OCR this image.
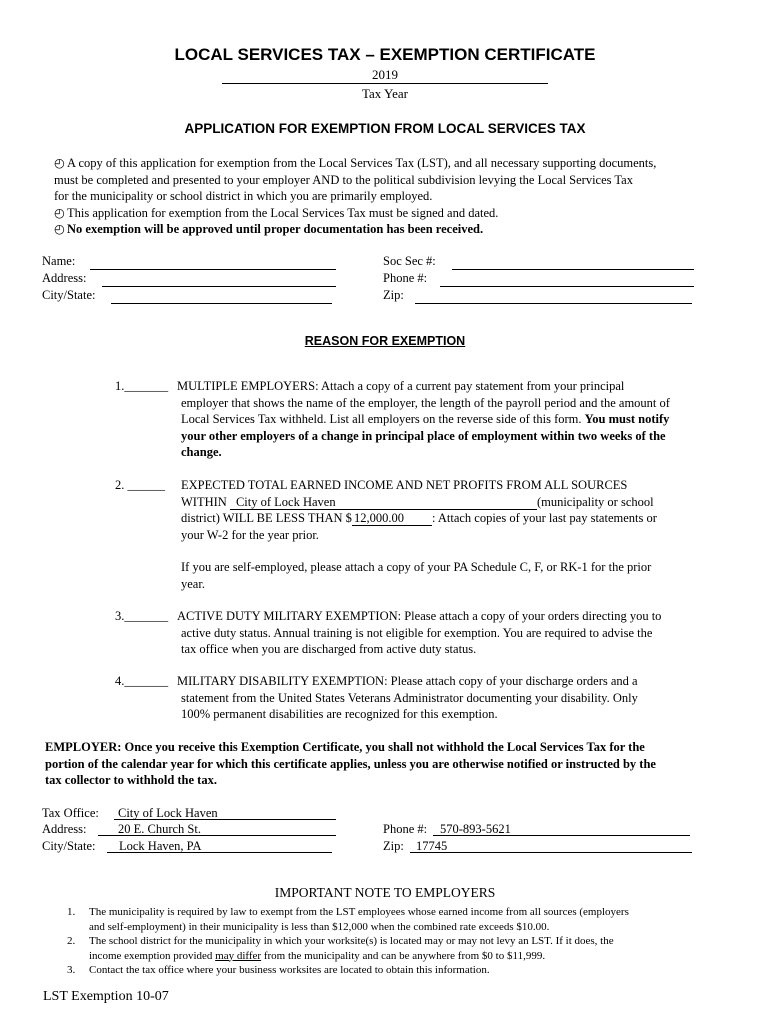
LOCAL SERVICES TAX – EXEMPTION CERTIFICATE
2019
Tax Year
APPLICATION FOR EXEMPTION FROM LOCAL SERVICES TAX

◴ A copy of this application for exemption from the Local Services Tax (LST), and all necessary supporting documents,

must be completed and presented to your employer AND to the political subdivision levying the Local Services Tax

for the municipality or school district in which you are primarily employed.

◴ This application for exemption from the Local Services Tax must be signed and dated.

◴ No exemption will be approved until proper documentation has been received.

Name:
Address:
City/State:
Soc Sec #:
Phone #:
Zip:
REASON FOR EXEMPTION
1._______ MULTIPLE EMPLOYERS: Attach a copy of a current pay statement from your principal
employer that shows the name of the employer, the length of the payroll period and the amount of
Local Services Tax withheld. List all employers on the reverse side of this form. You must notify
your other employers of a change in principal place of employment within two weeks of the
change.
2. ______ EXPECTED TOTAL EARNED INCOME AND NET PROFITS FROM ALL SOURCES
WITHIN City of Lock Haven	(municipality or school
district) WILL BE LESS THAN $ 12,000.00 : Attach copies of your last pay statements or
your W-2 for the year prior.
If you are self-employed, please attach a copy of your PA Schedule C, F, or RK-1 for the prior
year.
3._______ ACTIVE DUTY MILITARY EXEMPTION: Please attach a copy of your orders directing you to
active duty status. Annual training is not eligible for exemption. You are required to advise the
tax office when you are discharged from active duty status.
4._______ MILITARY DISABILITY EXEMPTION: Please attach copy of your discharge orders and a
statement from the United States Veterans Administrator documenting your disability. Only
100% permanent disabilities are recognized for this exemption.
EMPLOYER: Once you receive this Exemption Certificate, you shall not withhold the Local Services Tax for the
portion of the calendar year for which this certificate applies, unless you are otherwise notified or instructed by the
tax collector to withhold the tax.
Tax Office:	City of Lock Haven
Address:	20 E. Church St.
City/State:	Lock Haven, PA
Phone #:	570-893-5621
Zip: 17745
IMPORTANT NOTE TO EMPLOYERS
1. The municipality is required by law to exempt from the LST employees whose earned income from all sources (employers
and self-employment) in their municipality is less than $12,000 when the combined rate exceeds $10.00.
2. The school district for the municipality in which your worksite(s) is located may or may not levy an LST. If it does, the
income exemption provided may differ from the municipality and can be anywhere from $0 to $11,999.
3. Contact the tax office where your business worksites are located to obtain this information.
LST Exemption 10-07
